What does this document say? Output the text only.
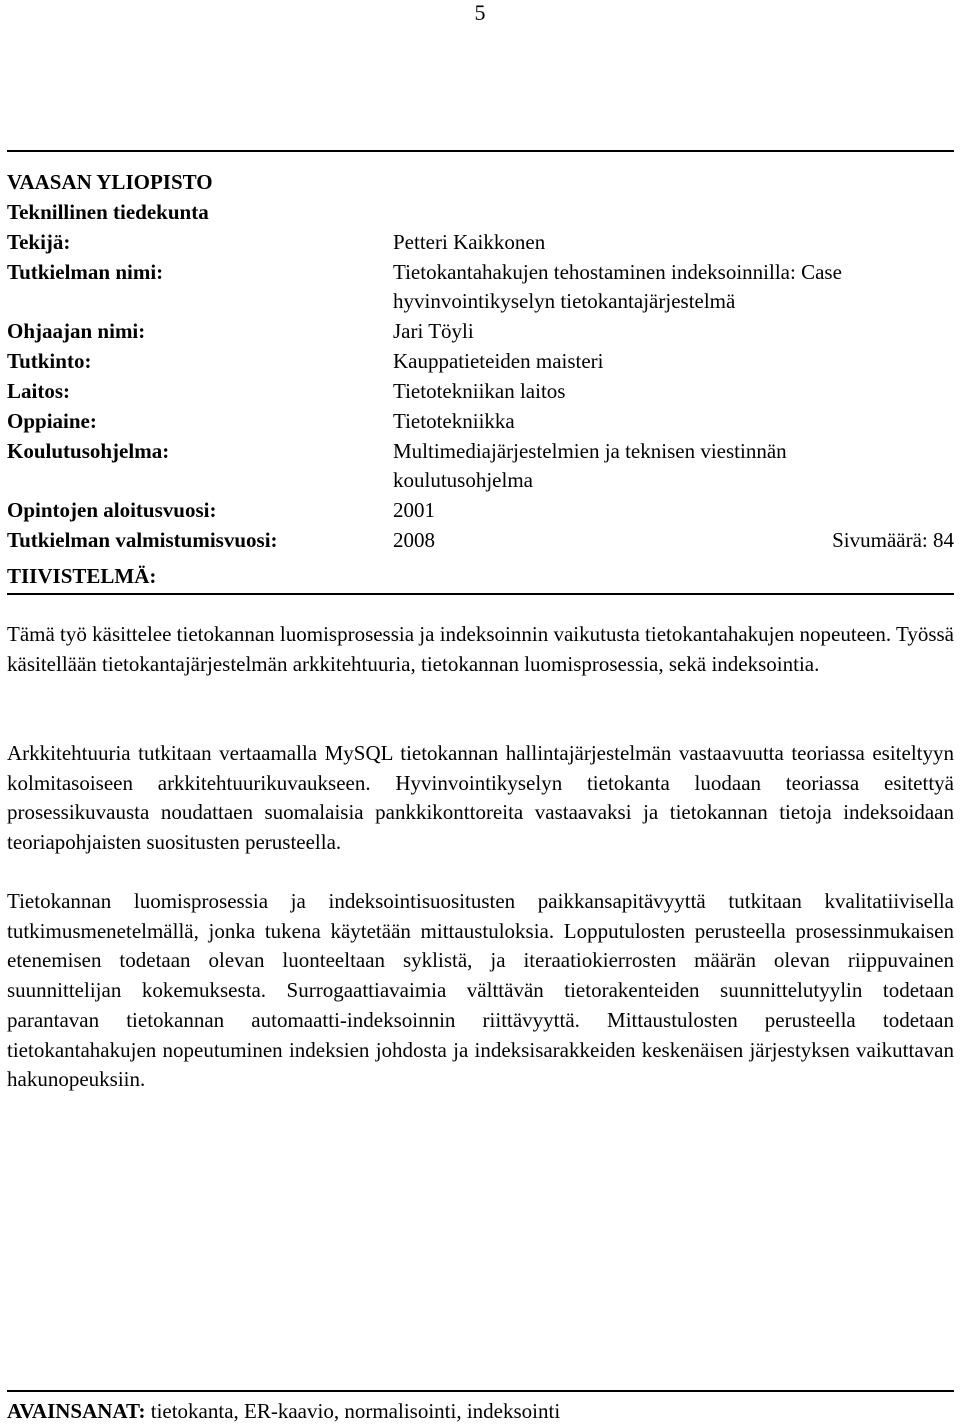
5
VAASAN YLIOPISTO
Teknillinen tiedekunta
Tekijä:	Petteri Kaikkonen
Tutkielman nimi:	Tietokantahakujen tehostaminen indeksoinnilla: Case
hyvinvointikyselyn tietokantajärjestelmä
Ohjaajan nimi:	Jari Töyli
Tutkinto:	Kauppatieteiden maisteri
Laitos:	Tietotekniikan laitos
Oppiaine:	Tietotekniikka
Koulutusohjelma:	Multimediajärjestelmien ja teknisen viestinnän
koulutusohjelma
Opintojen aloitusvuosi:	2001
Tutkielman valmistumisvuosi:	2008	Sivumäärä: 84
TIIVISTELMÄ:
Tämä työ käsittelee tietokannan luomisprosessia ja indeksoinnin vaikutusta tietokantahakujen nopeuteen. Työssä käsitellään tietokantajärjestelmän arkkitehtuuria, tietokannan luomisprosessia, sekä indeksointia.
Arkkitehtuuria tutkitaan vertaamalla MySQL tietokannan hallintajärjestelmän vastaavuutta teoriassa esiteltyyn kolmitasoiseen arkkitehtuurikuvaukseen. Hyvinvointikyselyn tietokanta luodaan teoriassa esitettyä prosessikuvausta noudattaen suomalaisia pankkikonttoreita vastaavaksi ja tietokannan tietoja indeksoidaan teoriapohjaisten suositusten perusteella.
Tietokannan luomisprosessia ja indeksointisuositusten paikkansapitävyyttä tutkitaan kvalitatiivisella tutkimusmenetelmällä, jonka tukena käytetään mittaustuloksia. Lopputulosten perusteella prosessinmukaisen etenemisen todetaan olevan luonteeltaan syklistä, ja iteraatiokierrosten määrän olevan riippuvainen suunnittelijan kokemuksesta. Surrogaattiavaimia välttävän tietorakenteiden suunnittelutyylin todetaan parantavan tietokannan automaatti-indeksoinnin riittävyyttä. Mittaustulosten perusteella todetaan tietokantahakujen nopeutuminen indeksien johdosta ja indeksisarakkeiden keskenäisen järjestyksen vaikuttavan hakunopeuksiin.
AVAINSANAT: tietokanta, ER-kaavio, normalisointi, indeksointi
